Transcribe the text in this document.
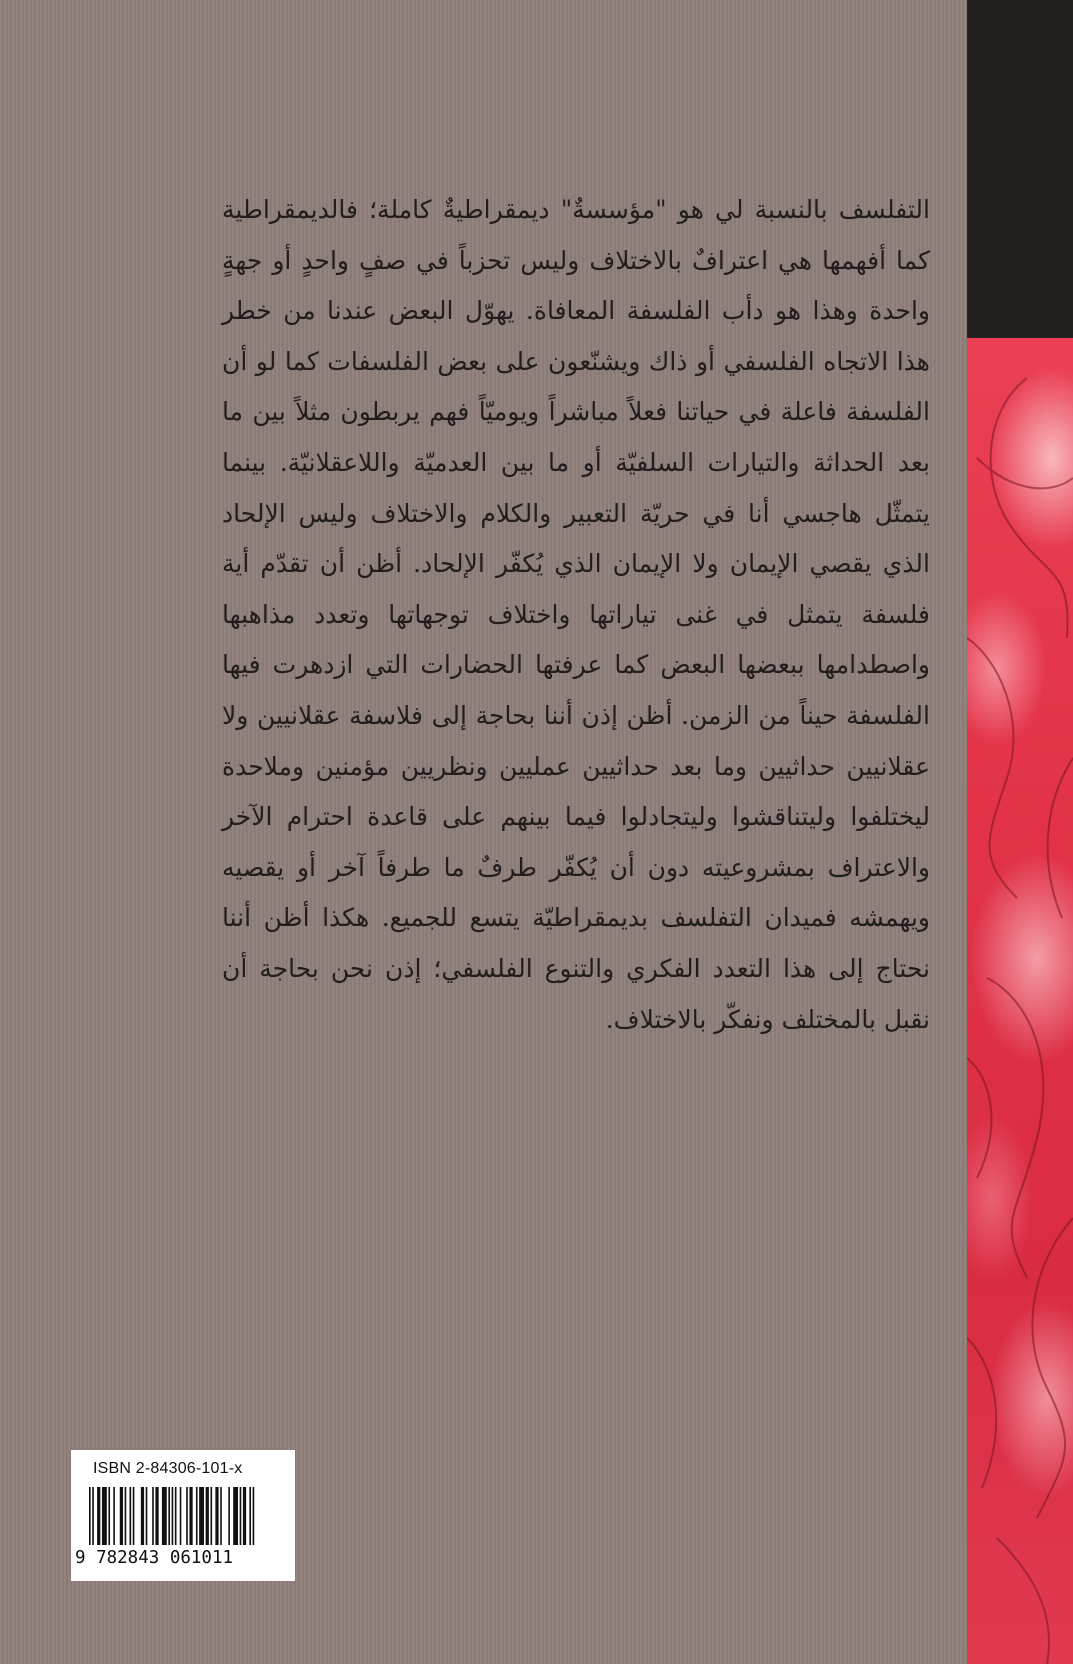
التفلسف بالنسبة لي هو "مؤسسةٌ" ديمقراطيةٌ كاملة؛ فالديمقراطية كما أفهمها هي اعترافٌ بالاختلاف وليس تحزباً في صفٍ واحدٍ أو جهةٍ واحدة وهذا هو دأب الفلسفة المعافاة. يهوّل البعض عندنا من خطر هذا الاتجاه الفلسفي أو ذاك ويشنّعون على بعض الفلسفات كما لو أن الفلسفة فاعلة في حياتنا فعلاً مباشراً ويوميّاً فهم يربطون مثلاً بين ما بعد الحداثة والتيارات السلفيّة أو ما بين العدميّة واللاعقلانيّة. بينما يتمثّل هاجسي أنا في حريّة التعبير والكلام والاختلاف وليس الإلحاد الذي يقصي الإيمان ولا الإيمان الذي يُكفّر الإلحاد. أظن أن تقدّم أية فلسفة يتمثل في غنى تياراتها واختلاف توجهاتها وتعدد مذاهبها واصطدامها ببعضها البعض كما عرفتها الحضارات التي ازدهرت فيها الفلسفة حيناً من الزمن. أظن إذن أننا بحاجة إلى فلاسفة عقلانيين ولا عقلانيين حداثيين وما بعد حداثيين عمليين ونظريين مؤمنين وملاحدة ليختلفوا وليتناقشوا وليتجادلوا فيما بينهم على قاعدة احترام الآخر والاعتراف بمشروعيته دون أن يُكفّر طرفٌ ما طرفاً آخر أو يقصيه ويهمشه فميدان التفلسف بديمقراطيّة يتسع للجميع. هكذا أظن أننا نحتاج إلى هذا التعدد الفكري والتنوع الفلسفي؛ إذن نحن بحاجة أن نقبل بالمختلف ونفكّر بالاختلاف.

ISBN 2-84306-101-x
9 782843 061011
